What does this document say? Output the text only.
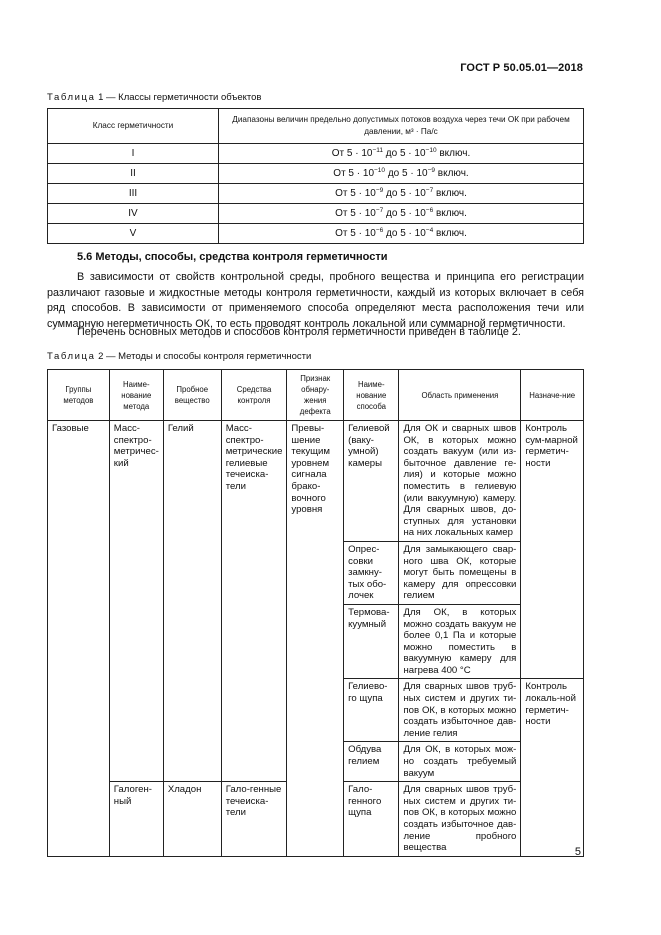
ГОСТ Р 50.05.01—2018
Таблица 1 — Классы герметичности объектов
Класс герметичности	Диапазоны величин предельно допустимых потоков воздуха через течи ОК при рабочем давлении, м³ · Па/с
I	От $5 \cdot 10^{-11}$ до $5 \cdot 10^{-10}$ включ.
II	От $5 \cdot 10^{-10}$ до $5 \cdot 10^{-9}$ включ.
III	От $5 \cdot 10^{-9}$ до $5 \cdot 10^{-7}$ включ.
IV	От $5 \cdot 10^{-7}$ до $5 \cdot 10^{-6}$ включ.
V	От $5 \cdot 10^{-6}$ до $5 \cdot 10^{-4}$ включ.
5.6 Методы, способы, средства контроля герметичности
В зависимости от свойств контрольной среды, пробного вещества и принципа его регистрации различают газовые и жидкостные методы контроля герметичности, каждый из которых включает в себя ряд способов. В зависимости от применяемого способа определяют места расположения течи или суммарную негерметичность ОК, то есть проводят контроль локальной или суммарной герметичности.
Перечень основных методов и способов контроля герметичности приведен в таблице 2.
Таблица 2 — Методы и способы контроля герметичности
Группы методов	Наиме-нование метода	Пробное вещество	Средства контроля	Признак обнару-жения дефекта	Наиме-нование способа	Область применения	Назначе-ние
Газовые	Масс-спектро-метричес-кий	Гелий	Масс-спектро-метрические гелиевые течеиска-тели	Превы-шение текущим уровнем сигнала брако-вочного уровня	Гелиевой (ваку-умной) камеры	Для ОК и сварных швов ОК, в которых можно создать вакуум (или из-быточное давление ге-лия) и которые можно поместить в гелиевую (или вакуумную) камеру. Для сварных швов, до-ступных для установки на них локальных камер	Контроль сум-марной герметич-ности
					Опрес-совки замкну-тых обо-лочек	Для замыкающего свар-ного шва ОК, которые могут быть помещены в камеру для опрессовки гелием	
					Термова-куумный	Для ОК, в которых можно создать вакуум не более 0,1 Па и которые можно поместить в вакуумную камеру для нагрева 400 °С	
					Гелиево-го щупа	Для сварных швов труб-ных систем и других ти-пов ОК, в которых можно создать избыточное дав-ление гелия	Контроль локаль-ной герметич-ности
					Обдува гелием	Для ОК, в которых мож-но создать требуемый вакуум	
	Галоген-ный	Хладон	Гало-генные течеиска-тели		Гало-генного щупа	Для сварных швов труб-ных систем и других ти-пов ОК, в которых можно создать избыточное дав-ление пробного вещества		5
